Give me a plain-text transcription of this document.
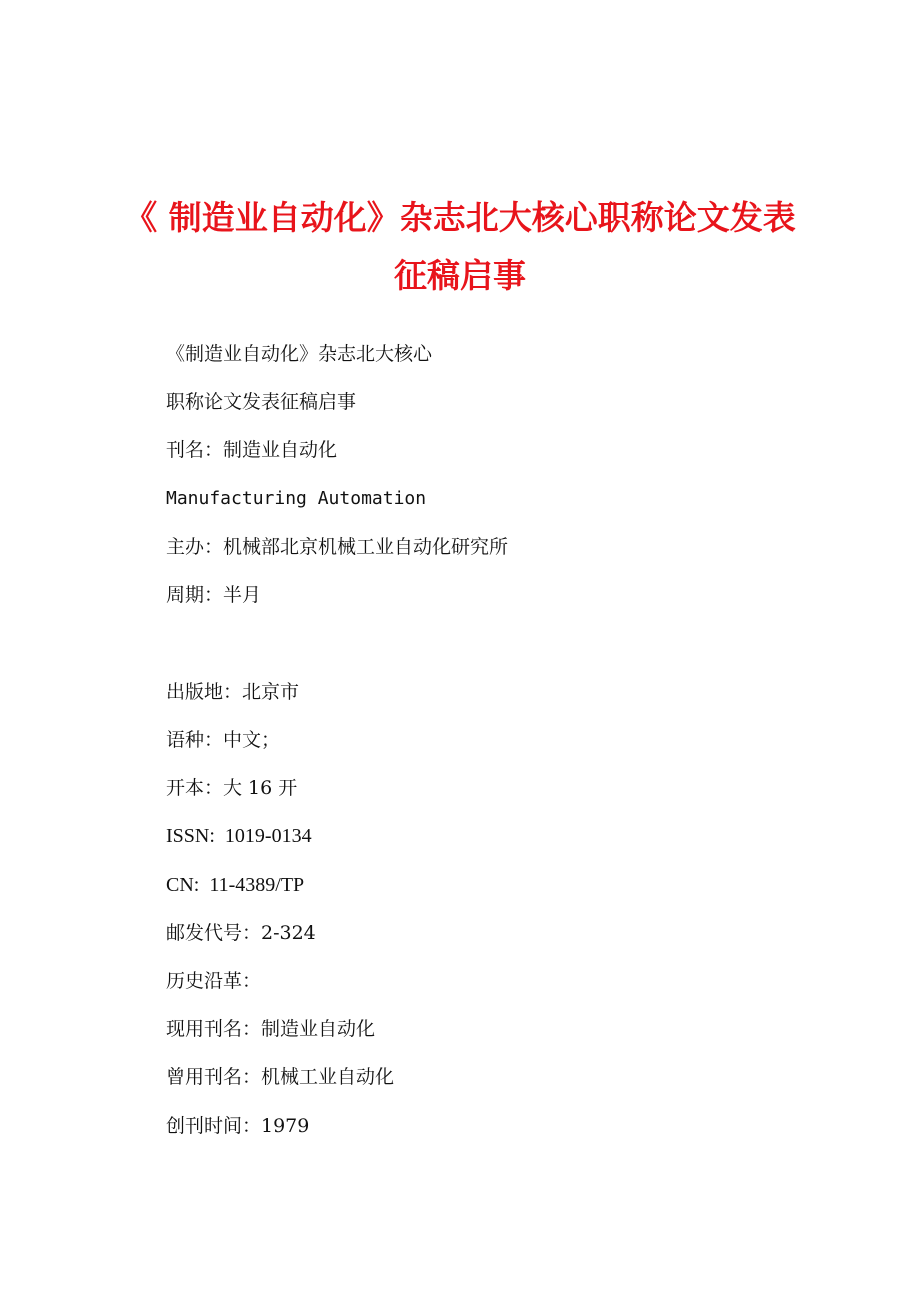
《 制造业自动化》杂志北大核心职称论文发表
征稿启事

《制造业自动化》杂志北大核心

职称论文发表征稿启事

刊名：制造业自动化

Manufacturing Automation

主办：机械部北京机械工业自动化研究所

周期：半月

出版地：北京市

语种：中文；

开本：大 16 开

ISSN:  1019-0134

CN:  11-4389/TP

邮发代号：2-324

历史沿革：

现用刊名：制造业自动化

曾用刊名：机械工业自动化

创刊时间：1979
